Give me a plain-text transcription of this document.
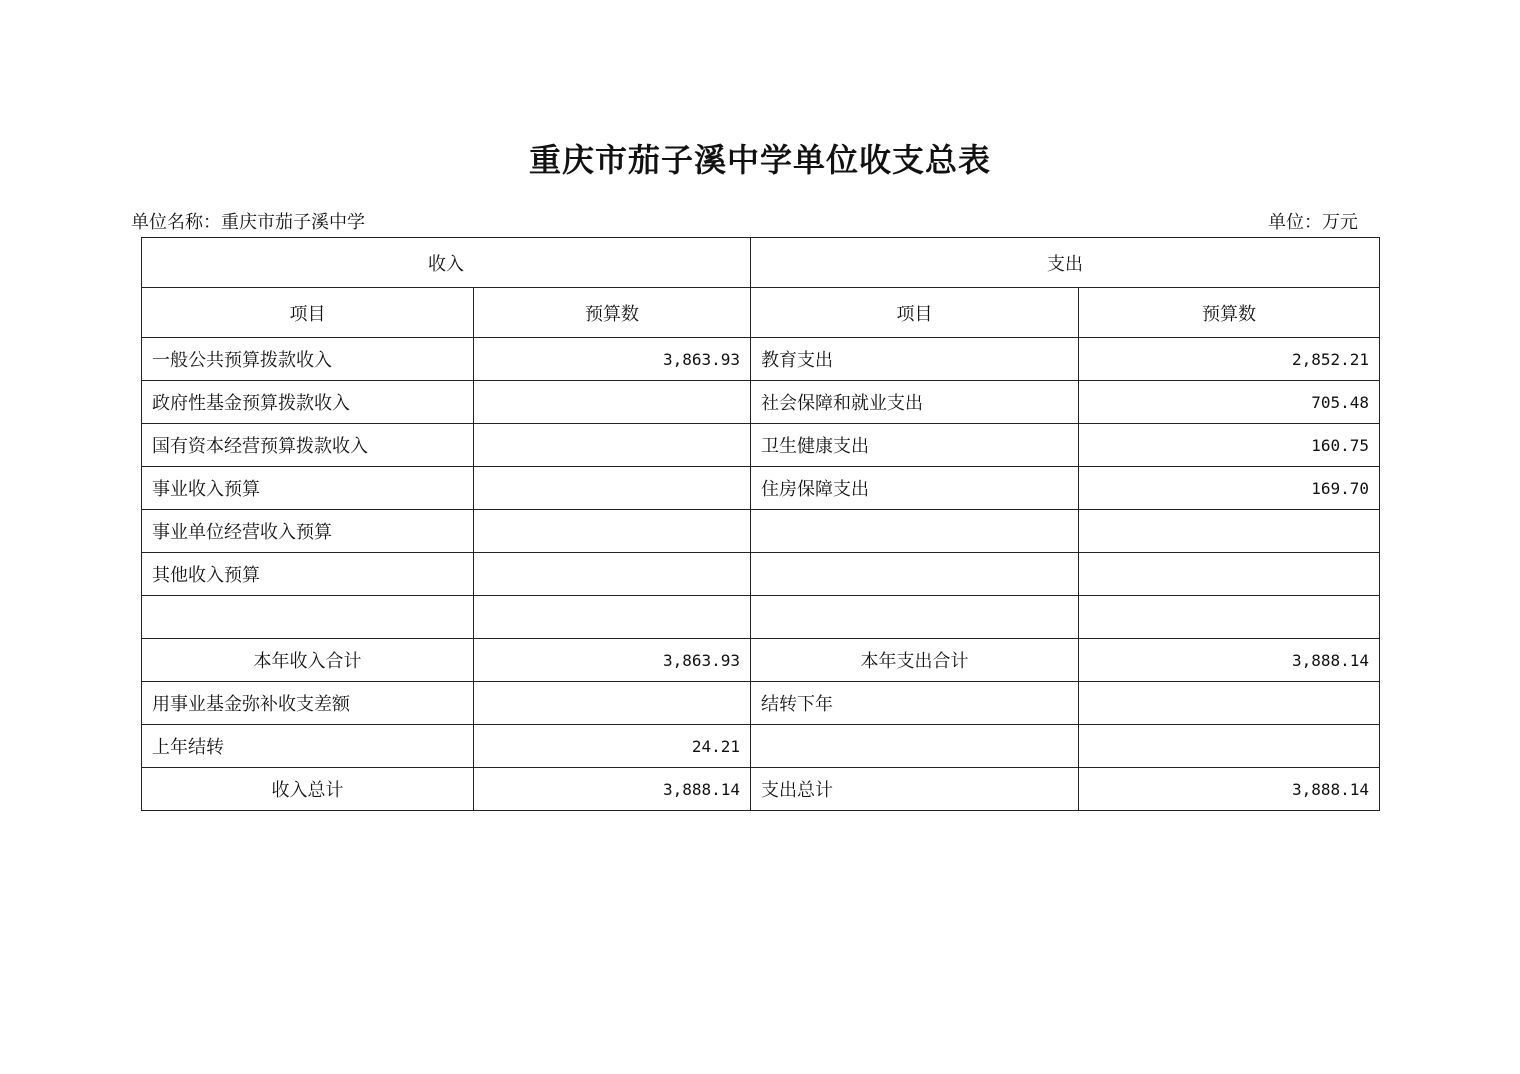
重庆市茄子溪中学单位收支总表
单位名称：重庆市茄子溪中学	单位：万元
收入		支出	
项目	预算数	项目	预算数
一般公共预算拨款收入	3,863.93	教育支出	2,852.21
政府性基金预算拨款收入		社会保障和就业支出	705.48
国有资本经营预算拨款收入		卫生健康支出	160.75
事业收入预算		住房保障支出	169.70
事业单位经营收入预算			
其他收入预算			

本年收入合计	3,863.93	本年支出合计	3,888.14
用事业基金弥补收支差额		结转下年	
上年结转	24.21		
收入总计	3,888.14	支出总计	3,888.14
